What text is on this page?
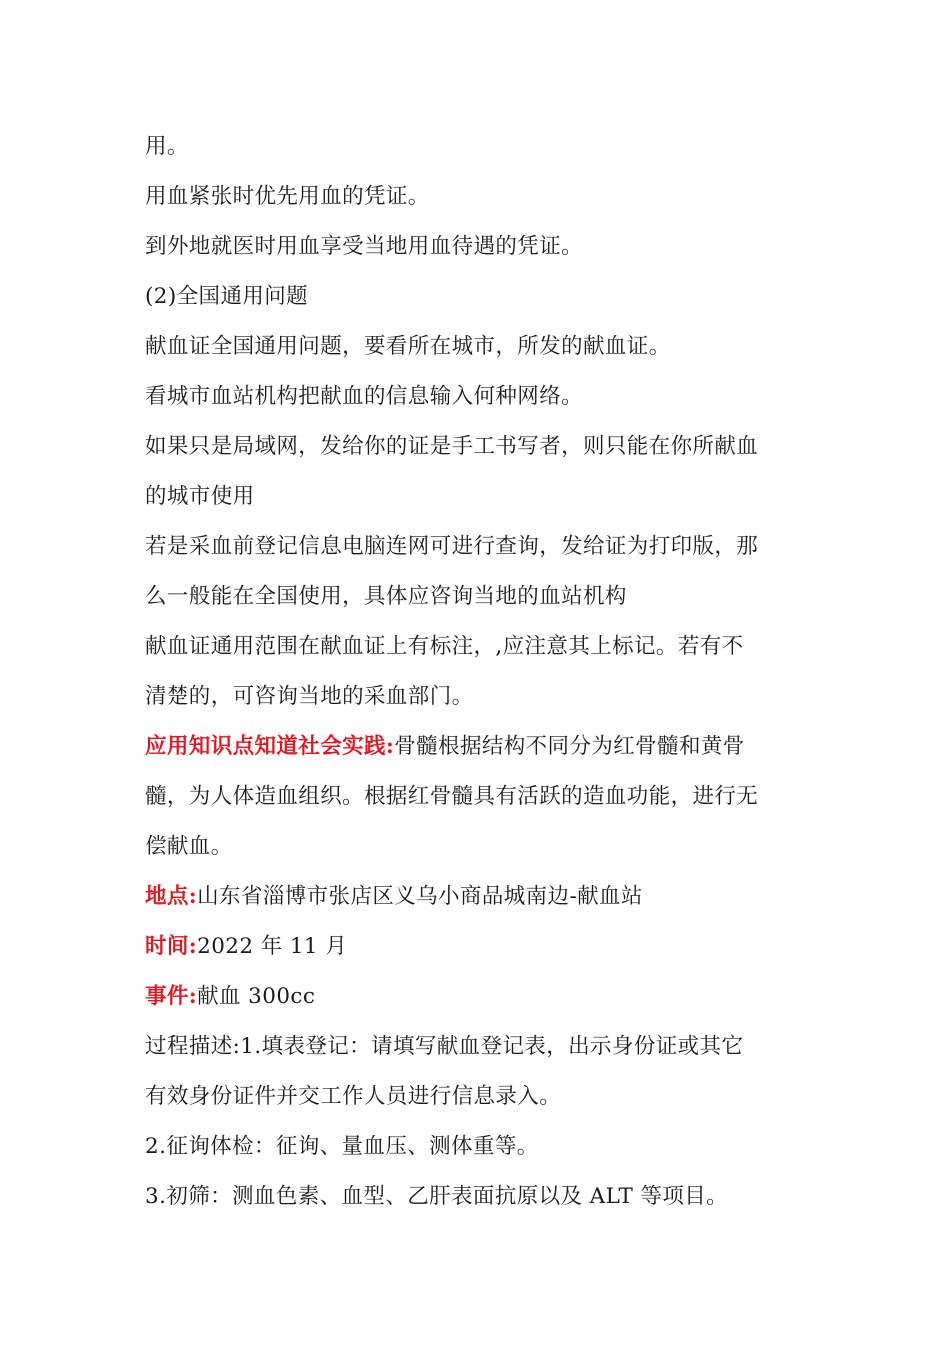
用。
用血紧张时优先用血的凭证。
到外地就医时用血享受当地用血待遇的凭证。
(2)全国通用问题
献血证全国通用问题，要看所在城市，所发的献血证。
看城市血站机构把献血的信息输入何种网络。
如果只是局域网，发给你的证是手工书写者，则只能在你所献血
的城市使用
若是采血前登记信息电脑连网可进行查询，发给证为打印版，那
么一般能在全国使用，具体应咨询当地的血站机构
献血证通用范围在献血证上有标注，,应注意其上标记。若有不
清楚的，可咨询当地的采血部门。
应用知识点知道社会实践:骨髓根据结构不同分为红骨髓和黄骨
髓，为人体造血组织。根据红骨髓具有活跃的造血功能，进行无
偿献血。
地点:山东省淄博市张店区义乌小商品城南边-献血站
时间:2022 年 11 月
事件:献血 300cc
过程描述:1.填表登记：请填写献血登记表，出示身份证或其它
有效身份证件并交工作人员进行信息录入。
2.征询体检：征询、量血压、测体重等。
3.初筛：测血色素、血型、乙肝表面抗原以及 ALT 等项目。
